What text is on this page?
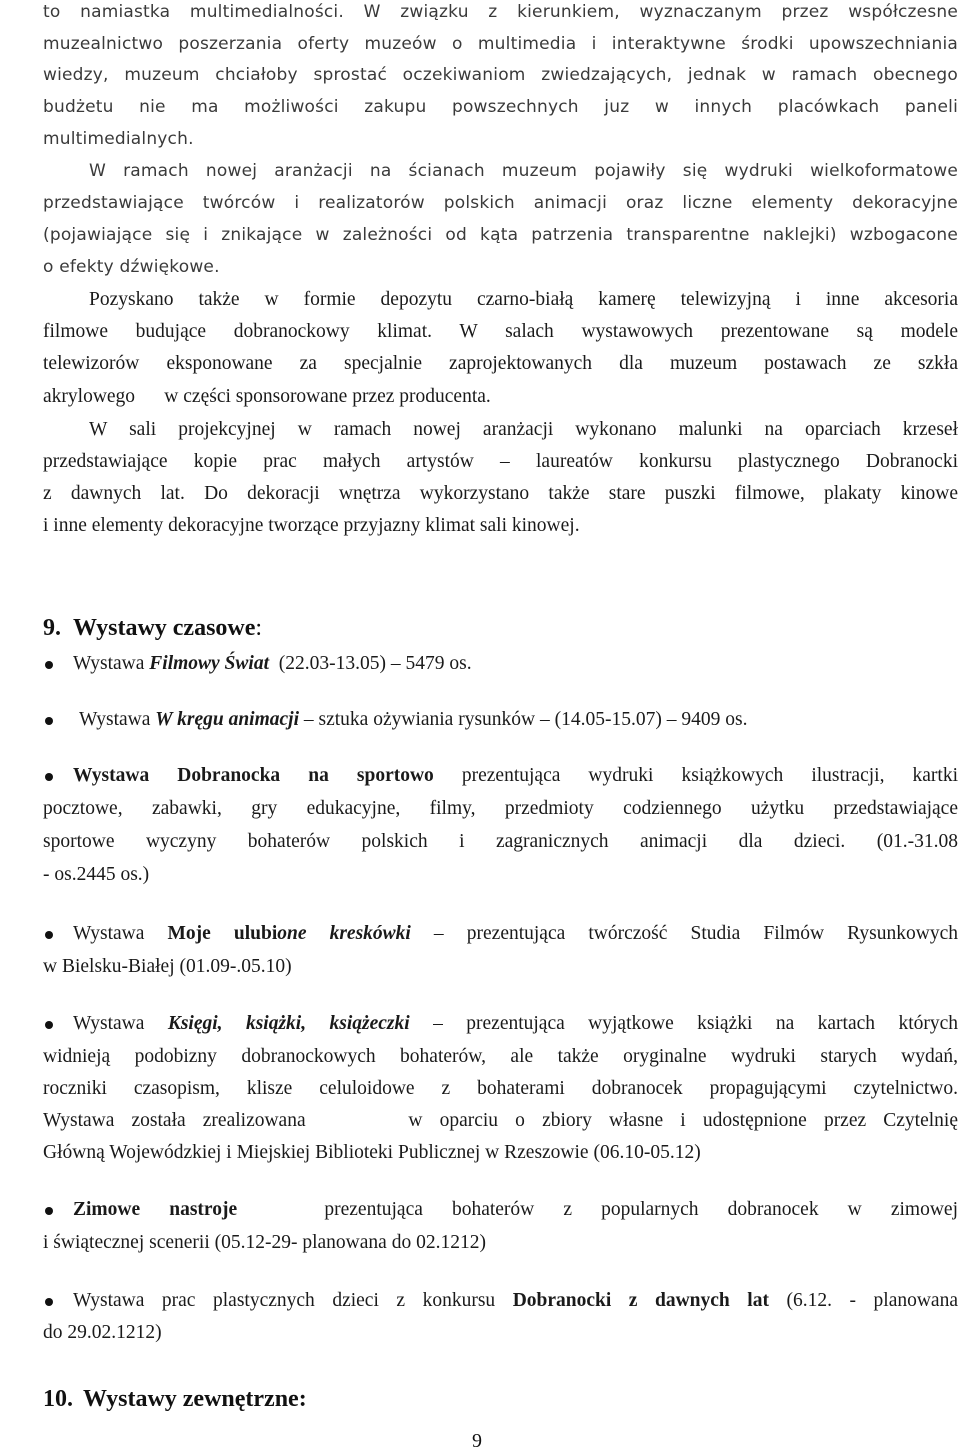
to namiastka multimedialności. W związku z kierunkiem, wyznaczanym przez współczesne
muzealnictwo poszerzania oferty muzeów o multimedia i interaktywne środki upowszechniania
wiedzy, muzeum chciałoby sprostać oczekiwaniom zwiedzających, jednak w ramach obecnego
budżetu nie ma możliwości zakupu powszechnych juz w innych placówkach paneli
multimedialnych.
W ramach nowej aranżacji na ścianach muzeum pojawiły się wydruki wielkoformatowe
przedstawiające twórców i realizatorów polskich animacji oraz liczne elementy dekoracyjne
(pojawiające się i znikające w zależności od kąta patrzenia transparentne naklejki) wzbogacone
o efekty dźwiękowe.
Pozyskano także w formie depozytu czarno-białą kamerę telewizyjną i inne akcesoria
filmowe budujące dobranockowy klimat. W salach wystawowych prezentowane są modele
telewizorów eksponowane za specjalnie zaprojektowanych dla muzeum postawach ze szkła
akrylowego      w części sponsorowane przez producenta.
W sali projekcyjnej w ramach nowej aranżacji wykonano malunki na oparciach krzeseł
przedstawiające kopie prac małych artystów – laureatów konkursu plastycznego Dobranocki
z dawnych lat. Do dekoracji wnętrza wykorzystano także stare puszki filmowe, plakaty kinowe
i inne elementy dekoracyjne tworzące przyjazny klimat sali kinowej.
9. Wystawy czasowe:
Wystawa Filmowy Świat  (22.03-13.05) – 5479 os.
Wystawa W kręgu animacji – sztuka ożywiania rysunków – (14.05-15.07) – 9409 os.
Wystawa Dobranocka na sportowo prezentująca wydruki książkowych ilustracji, kartki
pocztowe, zabawki, gry edukacyjne, filmy, przedmioty codziennego użytku przedstawiające
sportowe wyczyny bohaterów polskich i zagranicznych animacji dla dzieci. (01.-31.08
- os.2445 os.)
Wystawa Moje ulubione kreskówki – prezentująca twórczość Studia Filmów Rysunkowych
w Bielsku-Białej (01.09-.05.10)
Wystawa Księgi, książki, książeczki – prezentująca wyjątkowe książki na kartach których
widnieją podobizny dobranockowych bohaterów, ale także oryginalne wydruki starych wydań,
roczniki czasopism, klisze celuloidowe z bohaterami dobranocek propagującymi czytelnictwo.
Wystawa została zrealizowana      w oparciu o zbiory własne i udostępnione przez Czytelnię
Główną Wojewódzkiej i Miejskiej Biblioteki Publicznej w Rzeszowie (06.10-05.12)
Zimowe nastroje   prezentująca bohaterów z popularnych dobranocek w zimowej
i świątecznej scenerii (05.12-29- planowana do 02.1212)
Wystawa prac plastycznych dzieci z konkursu Dobranocki z dawnych lat (6.12. - planowana
do 29.02.1212)
10. Wystawy zewnętrzne:
9
